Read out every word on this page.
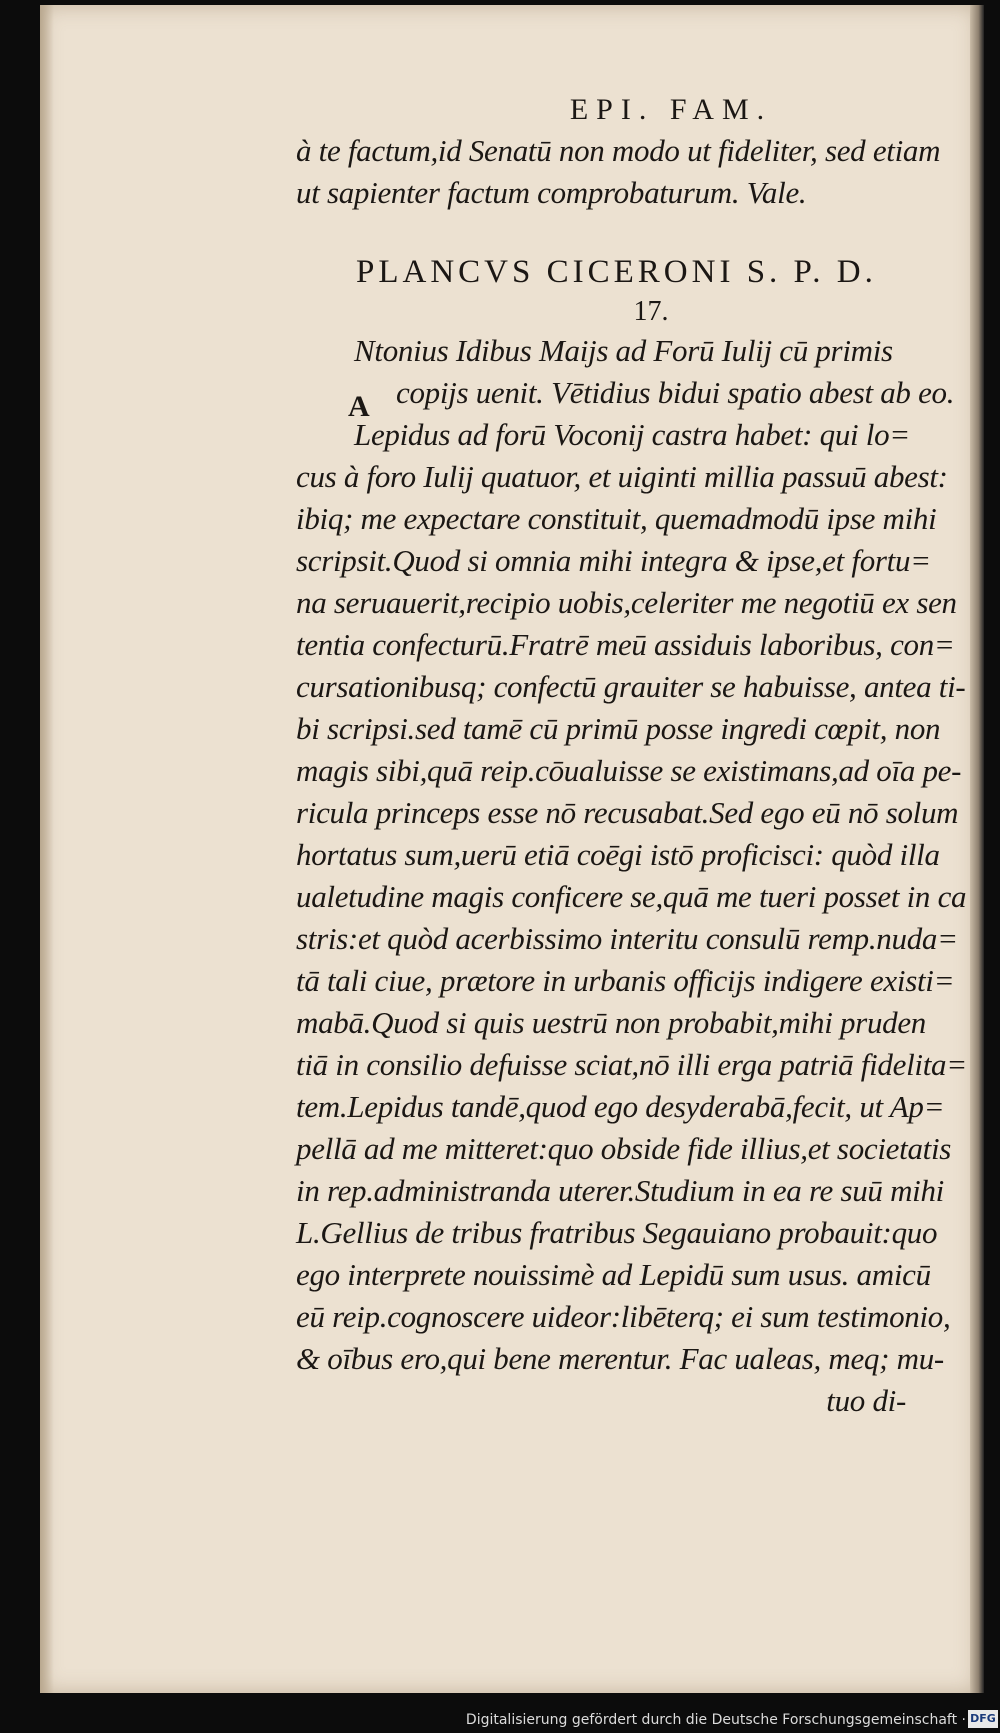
EPI. FAM.
à te factum,id Senatū non modo ut fideliter, sed etiam
ut sapienter factum comprobaturum. Vale.
PLANCVS CICERONI S. P. D.
17.
Ntonius Idibus Maijs ad Forū Iulij cū primis
copijs uenit. Vētidius bidui spatio abest ab eo.
Lepidus ad forū Voconij castra habet: qui lo=
cus à foro Iulij quatuor, et uiginti millia passuū abest:
ibiq; me expectare constituit, quemadmodū ipse mihi
scripsit.Quod si omnia mihi integra & ipse,et fortu=
na seruauerit,recipio uobis,celeriter me negotiū ex sen
tentia confecturū.Fratrē meū assiduis laboribus, con=
cursationibusq; confectū grauiter se habuisse, antea ti-
bi scripsi.sed tamē cū primū posse ingredi cœpit, non
magis sibi,quā reip.cōualuisse se existimans,ad oīa pe-
ricula princeps esse nō recusabat.Sed ego eū nō solum
hortatus sum,uerū etiā coēgi istō proficisci: quòd illa
ualetudine magis conficere se,quā me tueri posset in ca
stris:et quòd acerbissimo interitu consulū remp.nuda=
tā tali ciue, prætore in urbanis officijs indigere existi=
mabā.Quod si quis uestrū non probabit,mihi pruden
tiā in consilio defuisse sciat,nō illi erga patriā fidelita=
tem.Lepidus tandē,quod ego desyderabā,fecit, ut Ap=
pellā ad me mitteret:quo obside fide illius,et societatis
in rep.administranda uterer.Studium in ea re suū mihi
L.Gellius de tribus fratribus Segauiano probauit:quo
ego interprete nouissimè ad Lepidū sum usus. amicū
eū reip.cognoscere uideor:libēterq; ei sum testimonio,
& oībus ero,qui bene merentur. Fac ualeas, meq; mu-
tuo di-
A
Digitalisierung gefördert durch die Deutsche Forschungsgemeinschaft · DFG
